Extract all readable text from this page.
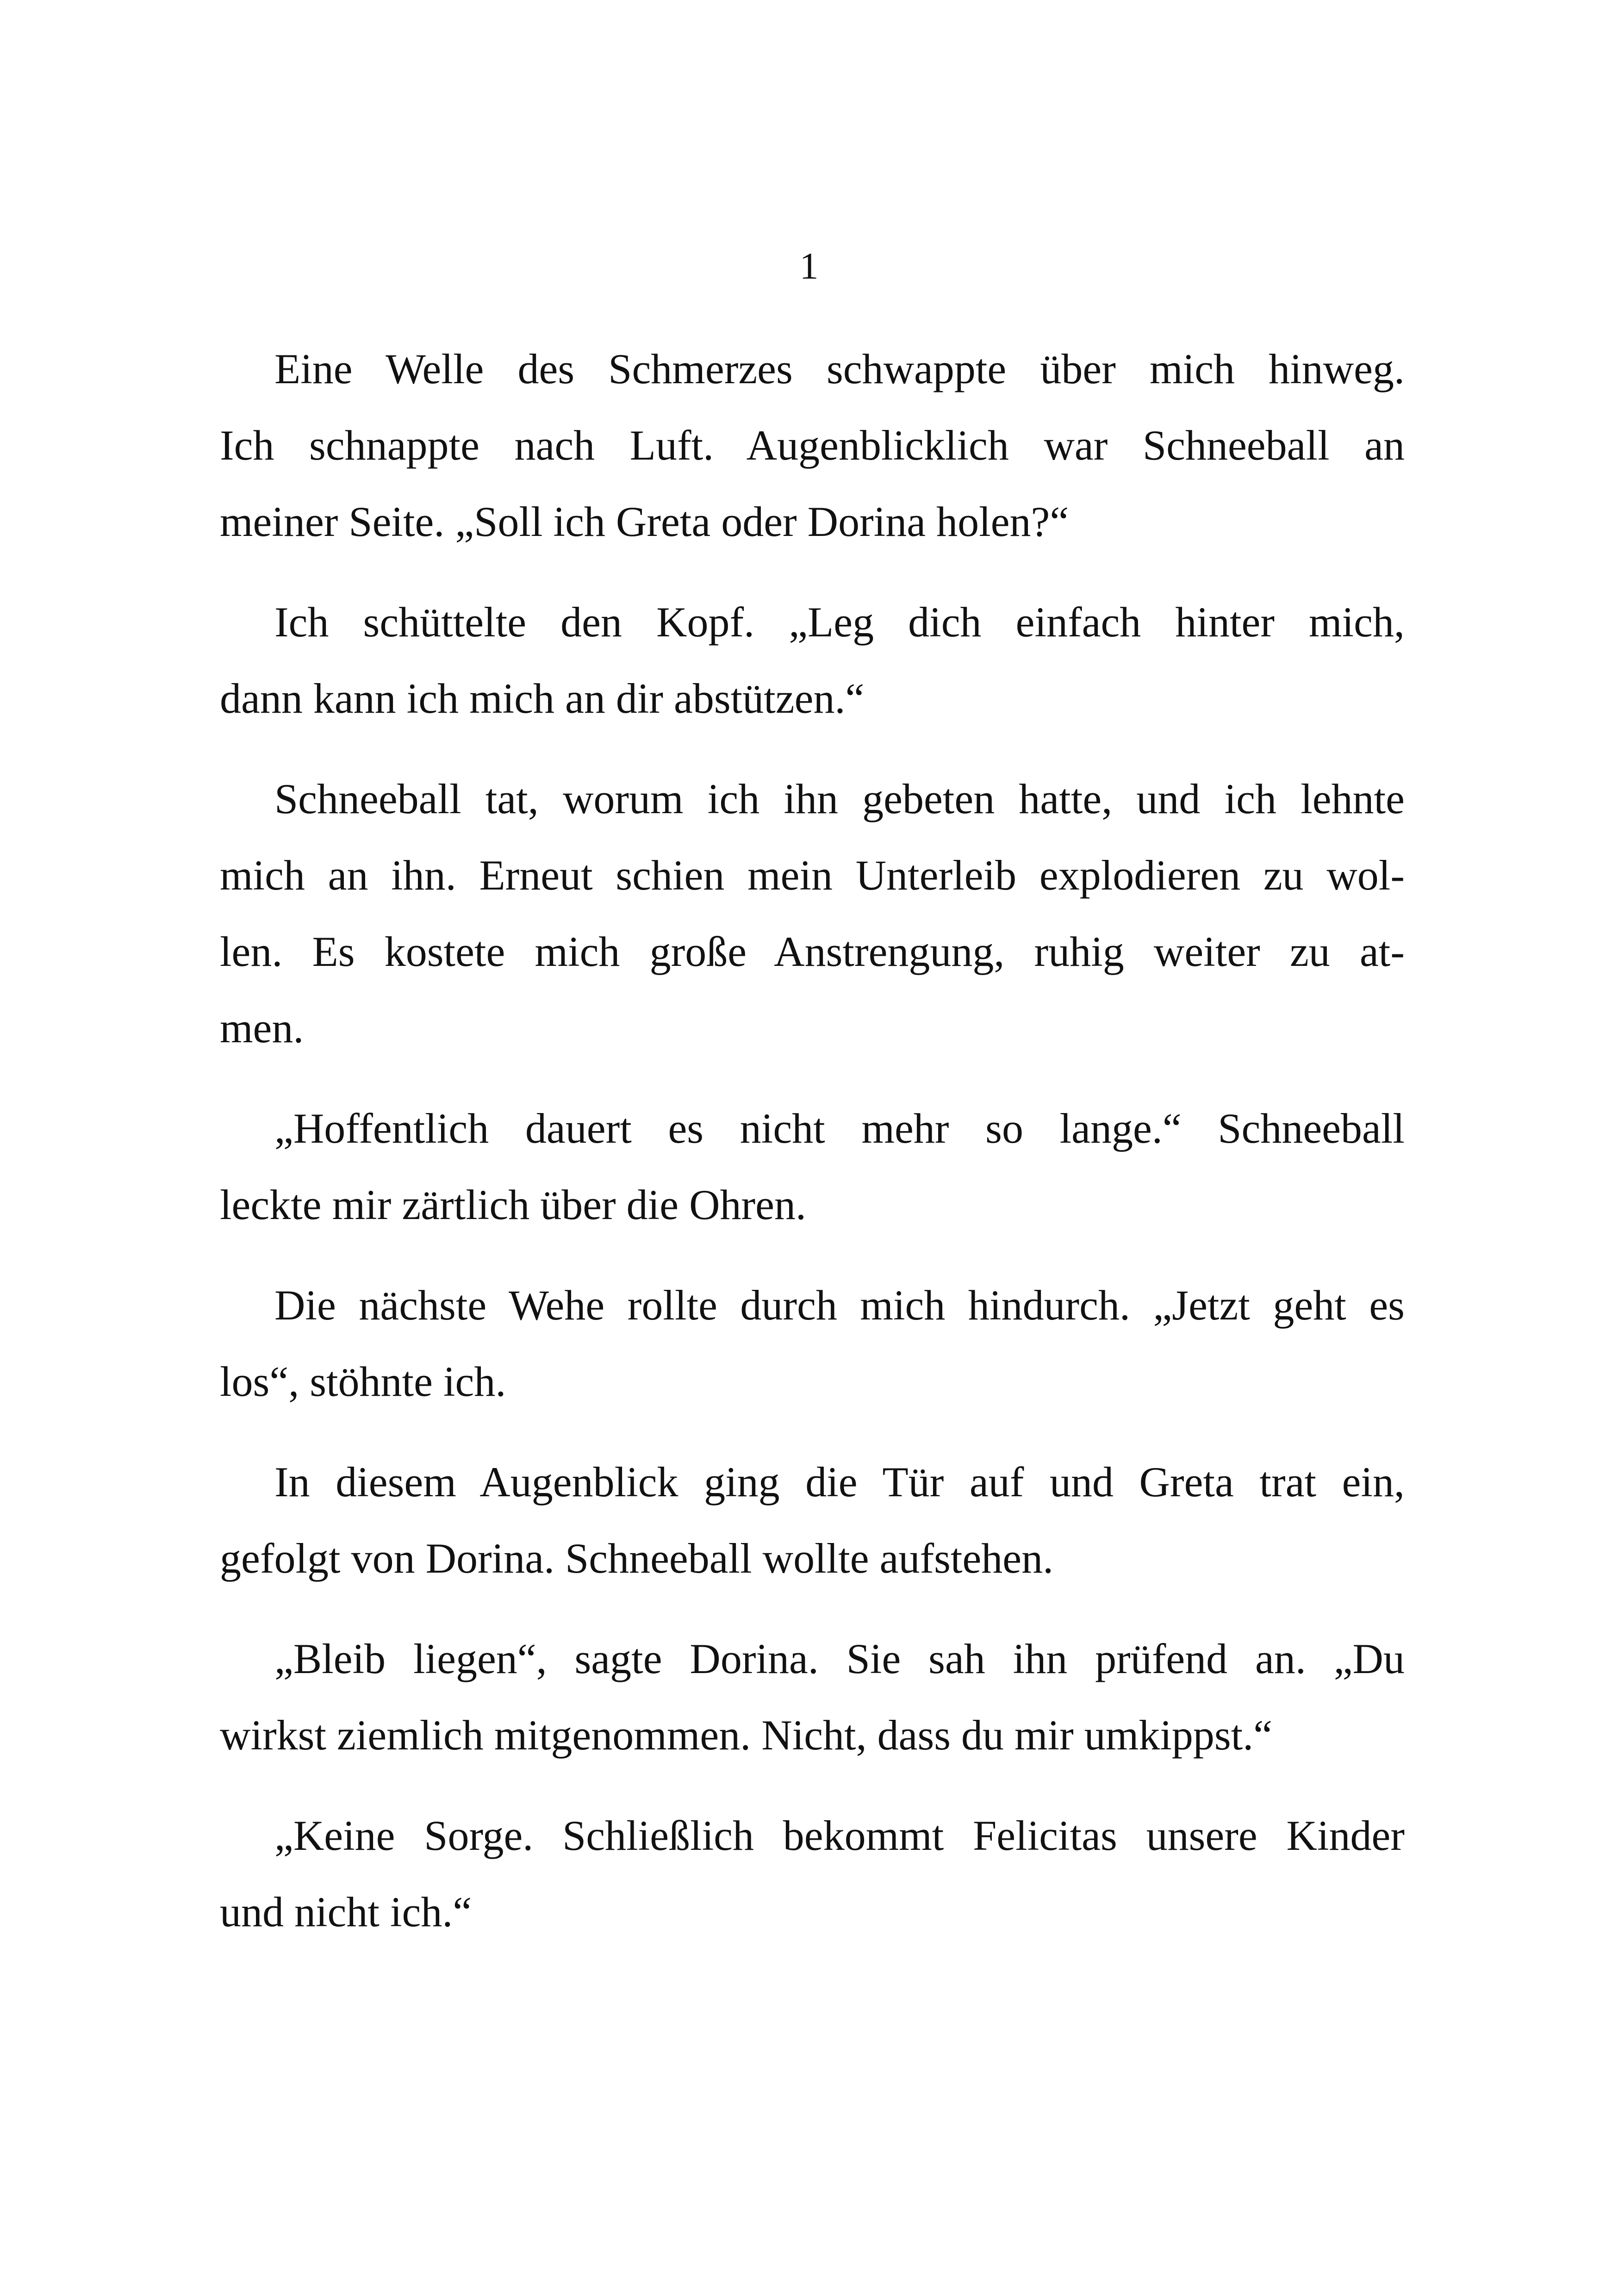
1

Eine Welle des Schmerzes schwappte über mich hinweg.
Ich schnappte nach Luft. Augenblicklich war Schneeball an
meiner Seite. „Soll ich Greta oder Dorina holen?“

Ich schüttelte den Kopf. „Leg dich einfach hinter mich,
dann kann ich mich an dir abstützen.“

Schneeball tat, worum ich ihn gebeten hatte, und ich lehnte
mich an ihn. Erneut schien mein Unterleib explodieren zu wol-
len. Es kostete mich große Anstrengung, ruhig weiter zu at-
men.

„Hoffentlich dauert es nicht mehr so lange.“ Schneeball
leckte mir zärtlich über die Ohren.

Die nächste Wehe rollte durch mich hindurch. „Jetzt geht es
los“, stöhnte ich.

In diesem Augenblick ging die Tür auf und Greta trat ein,
gefolgt von Dorina. Schneeball wollte aufstehen.

„Bleib liegen“, sagte Dorina. Sie sah ihn prüfend an. „Du
wirkst ziemlich mitgenommen. Nicht, dass du mir umkippst.“

„Keine Sorge. Schließlich bekommt Felicitas unsere Kinder
und nicht ich.“
